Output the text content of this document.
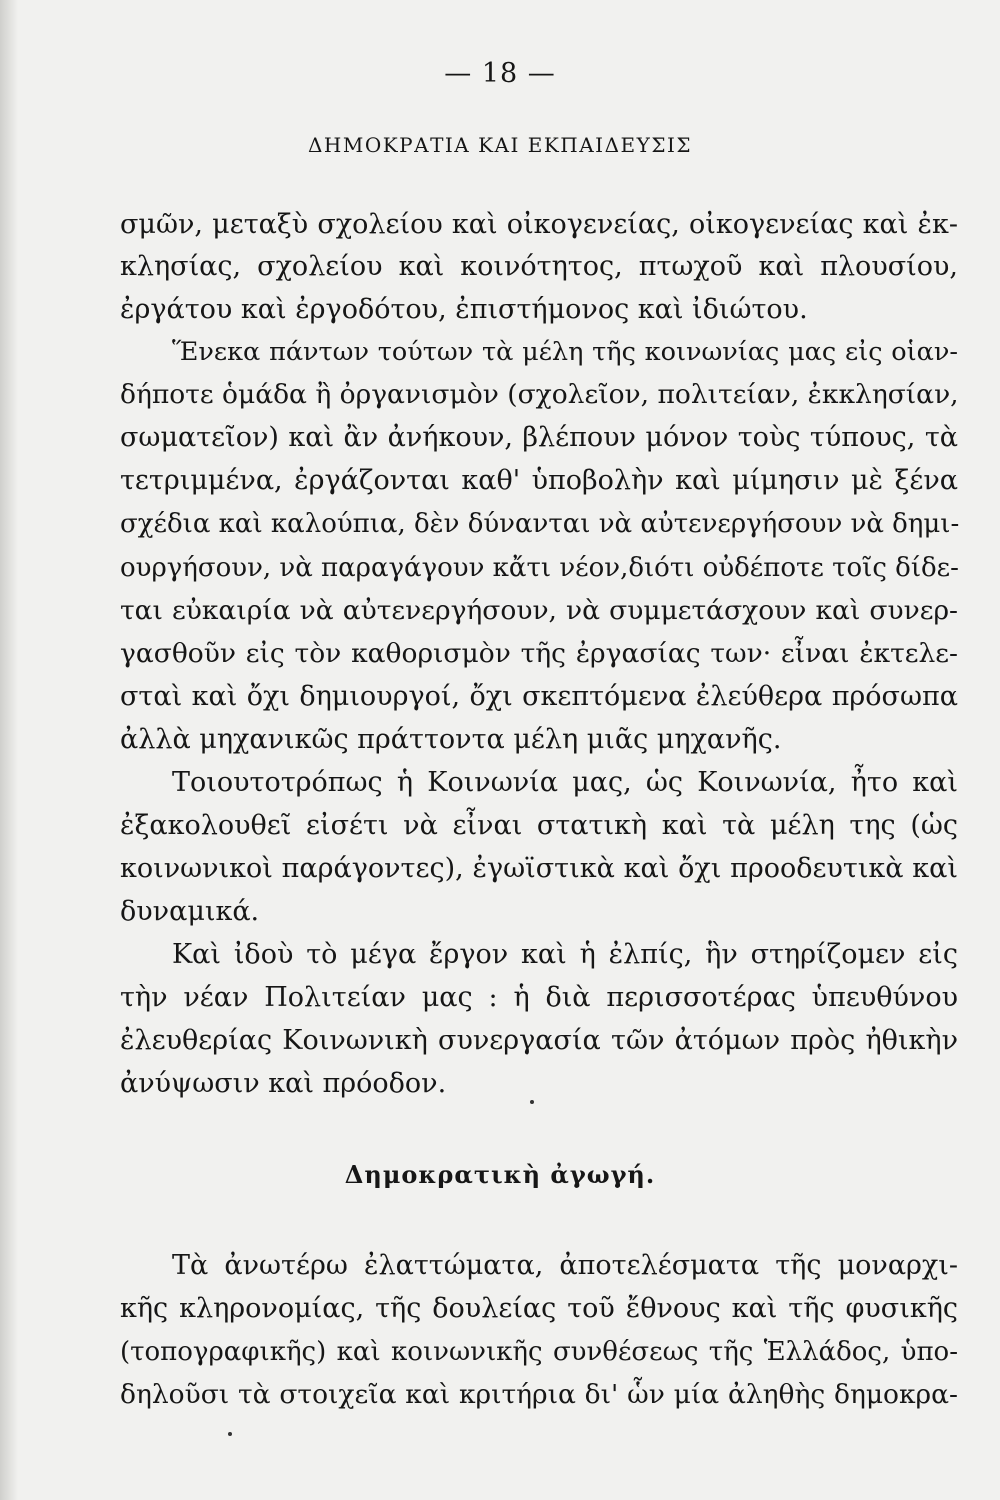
— 18 —
ΔΗΜΟΚΡΑΤΙΑ ΚΑΙ ΕΚΠΑΙΔΕΥΣΙΣ
σμῶν, μεταξὺ σχολείου καὶ οἰκογενείας, οἰκογενείας καὶ ἐκ-
κλησίας, σχολείου καὶ κοινότητος, πτωχοῦ καὶ πλουσίου,
ἐργάτου καὶ ἐργοδότου, ἐπιστήμονος καὶ ἰδιώτου.
Ἕνεκα πάντων τούτων τὰ μέλη τῆς κοινωνίας μας εἰς οἱαν-
δήποτε ὁμάδα ἢ ὀργανισμὸν (σχολεῖον, πολιτείαν, ἐκκλησίαν,
σωματεῖον) καὶ ἂν ἀνήκουν, βλέπουν μόνον τοὺς τύπους, τὰ
τετριμμένα, ἐργάζονται καθ' ὑποβολὴν καὶ μίμησιν μὲ ξένα
σχέδια καὶ καλούπια, δὲν δύνανται νὰ αὐτενεργήσουν νὰ δημι-
ουργήσουν, νὰ παραγάγουν κἄτι νέον,διότι οὐδέποτε τοῖς δίδε-
ται εὐκαιρία νὰ αὐτενεργήσουν, νὰ συμμετάσχουν καὶ συνερ-
γασθοῦν εἰς τὸν καθορισμὸν τῆς ἐργασίας των· εἶναι ἐκτελε-
σταὶ καὶ ὄχι δημιουργοί, ὄχι σκεπτόμενα ἐλεύθερα πρόσωπα
ἀλλὰ μηχανικῶς πράττοντα μέλη μιᾶς μηχανῆς.
Τοιουτοτρόπως ἡ Κοινωνία μας, ὡς Κοινωνία, ἦτο καὶ
ἐξακολουθεῖ εἰσέτι νὰ εἶναι στατικὴ καὶ τὰ μέλη της (ὡς
κοινωνικοὶ παράγοντες), ἐγωϊστικὰ καὶ ὄχι προοδευτικὰ καὶ
δυναμικά.
Καὶ ἰδοὺ τὸ μέγα ἔργον καὶ ἡ ἐλπίς, ἣν στηρίζομεν εἰς
τὴν νέαν Πολιτείαν μας : ἡ διὰ περισσοτέρας ὑπευθύνου
ἐλευθερίας Κοινωνικὴ συνεργασία τῶν ἀτόμων πρὸς ἠθικὴν
ἀνύψωσιν καὶ πρόοδον.
Δημοκρατικὴ ἀγωγή.
Τὰ ἀνωτέρω ἐλαττώματα, ἀποτελέσματα τῆς μοναρχι-
κῆς κληρονομίας, τῆς δουλείας τοῦ ἔθνους καὶ τῆς φυσικῆς
(τοπογραφικῆς) καὶ κοινωνικῆς συνθέσεως τῆς Ἑλλάδος, ὑπο-
δηλοῦσι τὰ στοιχεῖα καὶ κριτήρια δι' ὧν μία ἀληθὴς δημοκρα-
